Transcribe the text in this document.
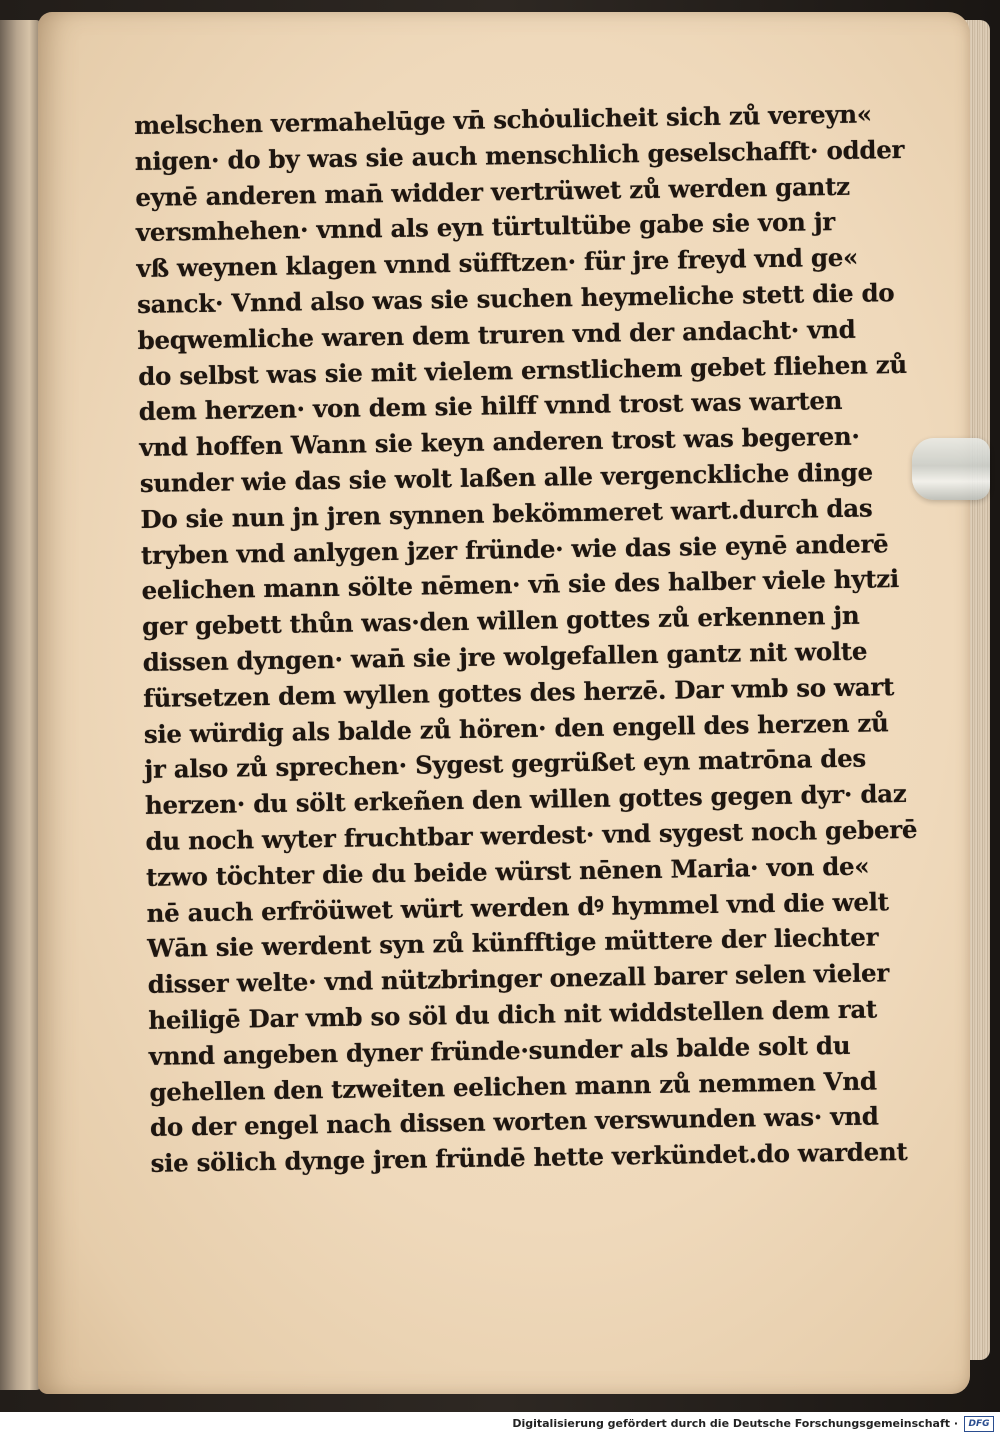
melschen vermahelūge vn̄ schȯulicheit sich zů vereyn«
nigen· do by was sie auch menschlich geselschafft· odder
eynē anderen man̄ widder vertrüwet zů werden gantz
versmhehen· vnnd als eyn türtultübe gabe sie von jr
vß weynen klagen vnnd süfftzen· für jre freyd vnd ge«
sanck· Vnnd also was sie suchen heymeliche stett die do
beqwemliche waren dem truren vnd der andacht· vnd
do selbst was sie mit vielem ernstlichem gebet fliehen zů
dem herzen· von dem sie hilff vnnd trost was warten
vnd hoffen Wann sie keyn anderen trost was begeren·
sunder wie das sie wolt laßen alle vergenckliche dinge
Do sie nun jn jren synnen bekömmeret wart.durch das
tryben vnd anlygen jzer fründe· wie das sie eynē anderē
eelichen mann sölte nēmen· vn̄ sie des halber viele hytzi
ger gebett thůn was·den willen gottes zů erkennen jn
dissen dyngen· wan̄ sie jre wolgefallen gantz nit wolte
fürsetzen dem wyllen gottes des herzē. Dar vmb so wart
sie würdig als balde zů hören· den engell des herzen zů
jr also zů sprechen· Sygest gegrüßet eyn matrōna des
herzen· du sölt erkeñen den willen gottes gegen dyr· daz
du noch wyter fruchtbar werdest· vnd sygest noch geberē
tzwo töchter die du beide würst nēnen Maria· von de«
nē auch erfröüwet würt werden dꝰ hymmel vnd die welt
Wān sie werdent syn zů künfftige müttere der liechter
disser welte· vnd nützbringer onezall barer selen vieler
heiligē Dar vmb so söl du dich nit widdstellen dem rat
vnnd angeben dyner fründe·sunder als balde solt du
gehellen den tzweiten eelichen mann zů nemmen Vnd
do der engel nach dissen worten verswunden was· vnd
sie sölich dynge jren fründē hette verkündet.do wardent
Digitalisierung gefördert durch die Deutsche Forschungsgemeinschaft ·	DFG
